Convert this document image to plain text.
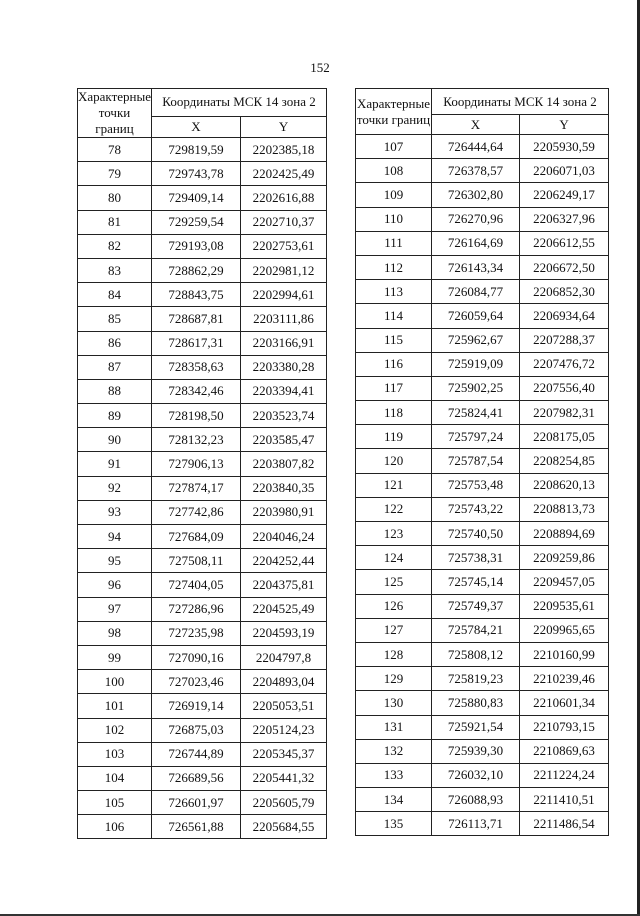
152
Характерные точки границ	Координаты МСК 14 зона 2	
	X	Y
78	729819,59	2202385,18
79	729743,78	2202425,49
80	729409,14	2202616,88
81	729259,54	2202710,37
82	729193,08	2202753,61
83	728862,29	2202981,12
84	728843,75	2202994,61
85	728687,81	2203111,86
86	728617,31	2203166,91
87	728358,63	2203380,28
88	728342,46	2203394,41
89	728198,50	2203523,74
90	728132,23	2203585,47
91	727906,13	2203807,82
92	727874,17	2203840,35
93	727742,86	2203980,91
94	727684,09	2204046,24
95	727508,11	2204252,44
96	727404,05	2204375,81
97	727286,96	2204525,49
98	727235,98	2204593,19
99	727090,16	2204797,8
100	727023,46	2204893,04
101	726919,14	2205053,51
102	726875,03	2205124,23
103	726744,89	2205345,37
104	726689,56	2205441,32
105	726601,97	2205605,79
106	726561,88	2205684,55
Характерные точки границ	Координаты МСК 14 зона 2	
	X	Y
107	726444,64	2205930,59
108	726378,57	2206071,03
109	726302,80	2206249,17
110	726270,96	2206327,96
111	726164,69	2206612,55
112	726143,34	2206672,50
113	726084,77	2206852,30
114	726059,64	2206934,64
115	725962,67	2207288,37
116	725919,09	2207476,72
117	725902,25	2207556,40
118	725824,41	2207982,31
119	725797,24	2208175,05
120	725787,54	2208254,85
121	725753,48	2208620,13
122	725743,22	2208813,73
123	725740,50	2208894,69
124	725738,31	2209259,86
125	725745,14	2209457,05
126	725749,37	2209535,61
127	725784,21	2209965,65
128	725808,12	2210160,99
129	725819,23	2210239,46
130	725880,83	2210601,34
131	725921,54	2210793,15
132	725939,30	2210869,63
133	726032,10	2211224,24
134	726088,93	2211410,51
135	726113,71	2211486,54
